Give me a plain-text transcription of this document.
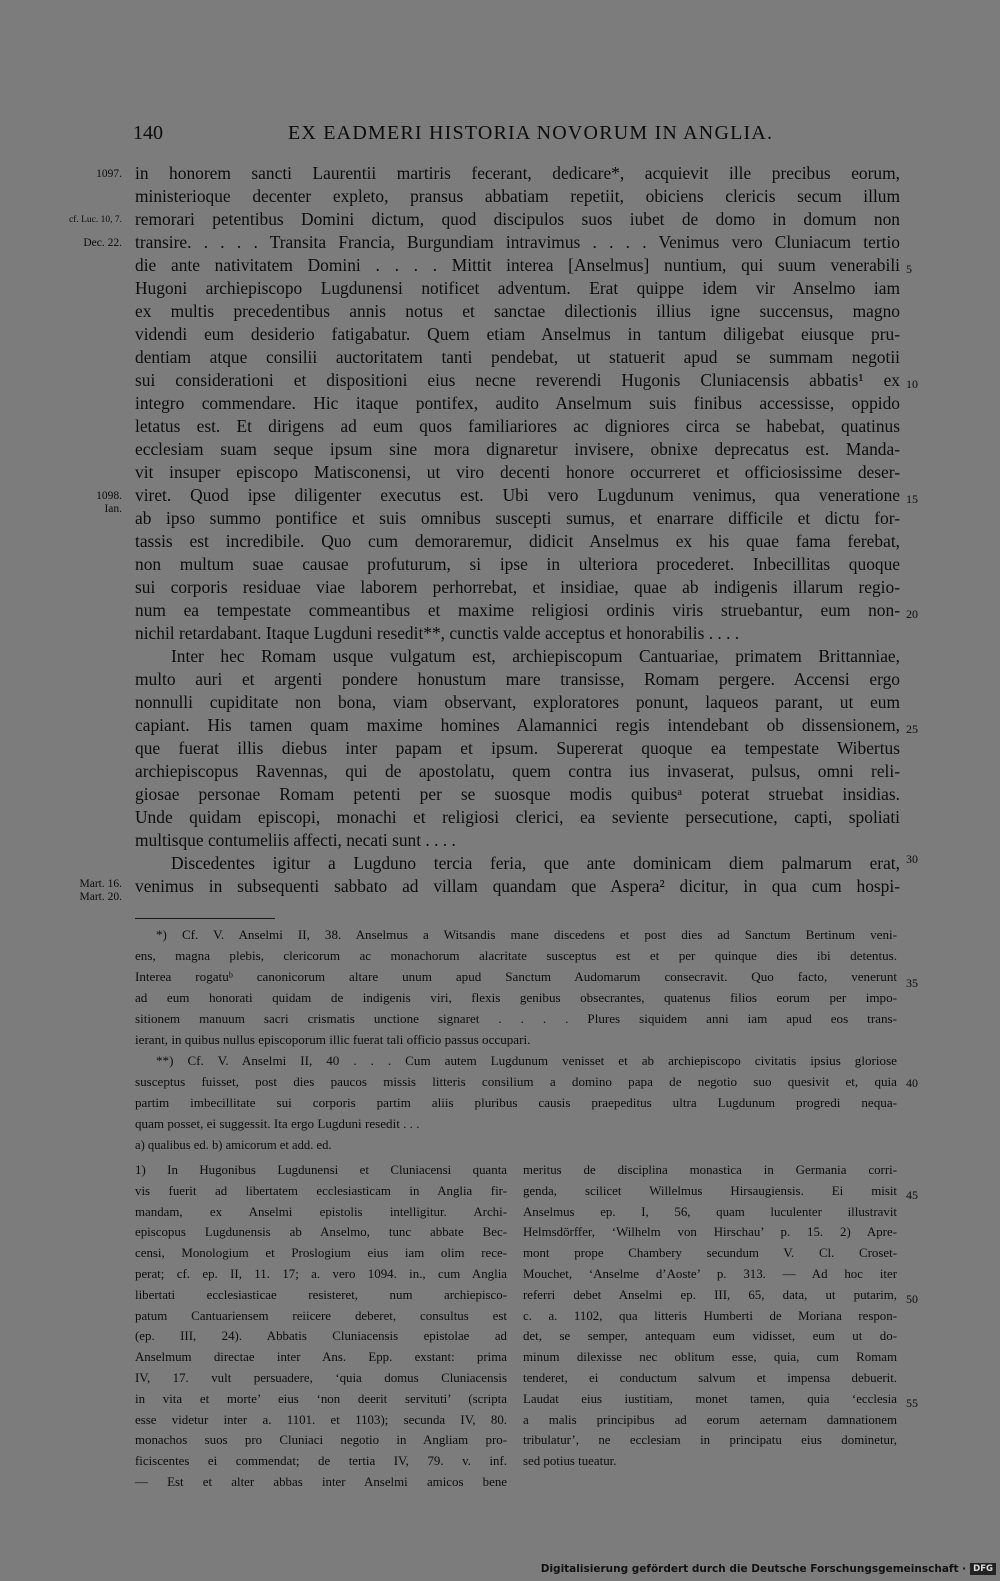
140	EX EADMERI HISTORIA NOVORUM IN ANGLIA.
in honorem sancti Laurentii martiris fecerant, dedicare*, acquievit ille precibus eorum,
ministerioque decenter expleto, pransus abbatiam repetiit, obiciens clericis secum illum
remorari petentibus Domini dictum, quod discipulos suos iubet de domo in domum non
transire. . . . . Transita Francia, Burgundiam intravimus . . . . Venimus vero Cluniacum tertio
die ante nativitatem Domini . . . . Mittit interea [Anselmus] nuntium, qui suum venerabili
Hugoni archiepiscopo Lugdunensi notificet adventum. Erat quippe idem vir Anselmo iam
ex multis precedentibus annis notus et sanctae dilectionis illius igne succensus, magno
videndi eum desiderio fatigabatur. Quem etiam Anselmus in tantum diligebat eiusque pru-
dentiam atque consilii auctoritatem tanti pendebat, ut statuerit apud se summam negotii
sui considerationi et dispositioni eius necne reverendi Hugonis Cluniacensis abbatis¹ ex
integro commendare. Hic itaque pontifex, audito Anselmum suis finibus accessisse, oppido
letatus est. Et dirigens ad eum quos familiariores ac digniores circa se habebat, quatinus
ecclesiam suam seque ipsum sine mora dignaretur invisere, obnixe deprecatus est. Manda-
vit insuper episcopo Matisconensi, ut viro decenti honore occurreret et officiosissime deser-
viret. Quod ipse diligenter executus est. Ubi vero Lugdunum venimus, qua veneratione
ab ipso summo pontifice et suis omnibus suscepti sumus, et enarrare difficile et dictu for-
tassis est incredibile. Quo cum demoraremur, didicit Anselmus ex his quae fama ferebat,
non multum suae causae profuturum, si ipse in ulteriora procederet. Inbecillitas quoque
sui corporis residuae viae laborem perhorrebat, et insidiae, quae ab indigenis illarum regio-
num ea tempestate commeantibus et maxime religiosi ordinis viris struebantur, eum non-
nichil retardabant. Itaque Lugduni resedit**, cunctis valde acceptus et honorabilis . . . .
Inter hec Romam usque vulgatum est, archiepiscopum Cantuariae, primatem Brittanniae,
multo auri et argenti pondere honustum mare transisse, Romam pergere. Accensi ergo
nonnulli cupiditate non bona, viam observant, exploratores ponunt, laqueos parant, ut eum
capiant. His tamen quam maxime homines Alamannici regis intendebant ob dissensionem,
que fuerat illis diebus inter papam et ipsum. Supererat quoque ea tempestate Wibertus
archiepiscopus Ravennas, qui de apostolatu, quem contra ius invaserat, pulsus, omni reli-
giosae personae Romam petenti per se suosque modis quibusᵃ poterat struebat insidias.
Unde quidam episcopi, monachi et religiosi clerici, ea seviente persecutione, capti, spoliati
multisque contumeliis affecti, necati sunt . . . .
Discedentes igitur a Lugduno tercia feria, que ante dominicam diem palmarum erat,
venimus in subsequenti sabbato ad villam quandam que Aspera² dicitur, in qua cum hospi-
1097.
cf. Luc. 10, 7.
Dec. 22.
1098.
Ian.
Mart. 16.
Mart. 20.
5
10
15
20
25
30
*) Cf. V. Anselmi II, 38. Anselmus a Witsandis mane discedens et post dies ad Sanctum Bertinum veni-
ens, magna plebis, clericorum ac monachorum alacritate susceptus est et per quinque dies ibi detentus.
Interea rogatuᵇ canonicorum altare unum apud Sanctum Audomarum consecravit. Quo facto, venerunt
ad eum honorati quidam de indigenis viri, flexis genibus obsecrantes, quatenus filios eorum per impo-
sitionem manuum sacri crismatis unctione signaret . . . . Plures siquidem anni iam apud eos trans-
ierant, in quibus nullus episcoporum illic fuerat tali officio passus occupari.
**) Cf. V. Anselmi II, 40 . . . Cum autem Lugdunum venisset et ab archiepiscopo civitatis ipsius gloriose
susceptus fuisset, post dies paucos missis litteris consilium a domino papa de negotio suo quesivit et, quia
partim imbecillitate sui corporis partim aliis pluribus causis praepeditus ultra Lugdunum progredi nequa-
quam posset, ei suggessit. Ita ergo Lugduni resedit . . .
35
40
a) qualibus ed. b) amicorum et add. ed.
1) In Hugonibus Lugdunensi et Cluniacensi quanta
vis fuerit ad libertatem ecclesiasticam in Anglia fir-
mandam, ex Anselmi epistolis intelligitur. Archi-
episcopus Lugdunensis ab Anselmo, tunc abbate Bec-
censi, Monologium et Proslogium eius iam olim rece-
perat; cf. ep. II, 11. 17; a. vero 1094. in., cum Anglia
libertati ecclesiasticae resisteret, num archiepisco-
patum Cantuariensem reiicere deberet, consultus est
(ep. III, 24). Abbatis Cluniacensis epistolae ad
Anselmum directae inter Ans. Epp. exstant: prima
IV, 17. vult persuadere, ‘quia domus Cluniacensis
in vita et morte’ eius ‘non deerit servituti’ (scripta
esse videtur inter a. 1101. et 1103); secunda IV, 80.
monachos suos pro Cluniaci negotio in Angliam pro-
ficiscentes ei commendat; de tertia IV, 79. v. inf.
— Est et alter abbas inter Anselmi amicos bene
meritus de disciplina monastica in Germania corri-
genda, scilicet Willelmus Hirsaugiensis. Ei misit
Anselmus ep. I, 56, quam luculenter illustravit
Helmsdörffer, ‘Wilhelm von Hirschau’ p. 15. 2) Apre-
mont prope Chambery secundum V. Cl. Croset-
Mouchet, ‘Anselme d’Aoste’ p. 313. — Ad hoc iter
referri debet Anselmi ep. III, 65, data, ut putarim,
c. a. 1102, qua litteris Humberti de Moriana respon-
det, se semper, antequam eum vidisset, eum ut do-
minum dilexisse nec oblitum esse, quia, cum Romam
tenderet, ei conductum salvum et impensa debuerit.
Laudat eius iustitiam, monet tamen, quia ‘ecclesia
a malis principibus ad eorum aeternam damnationem
tribulatur’, ne ecclesiam in principatu eius dominetur,
sed potius tueatur.
45
50
55
Digitalisierung gefördert durch die Deutsche Forschungsgemeinschaft · DFG
